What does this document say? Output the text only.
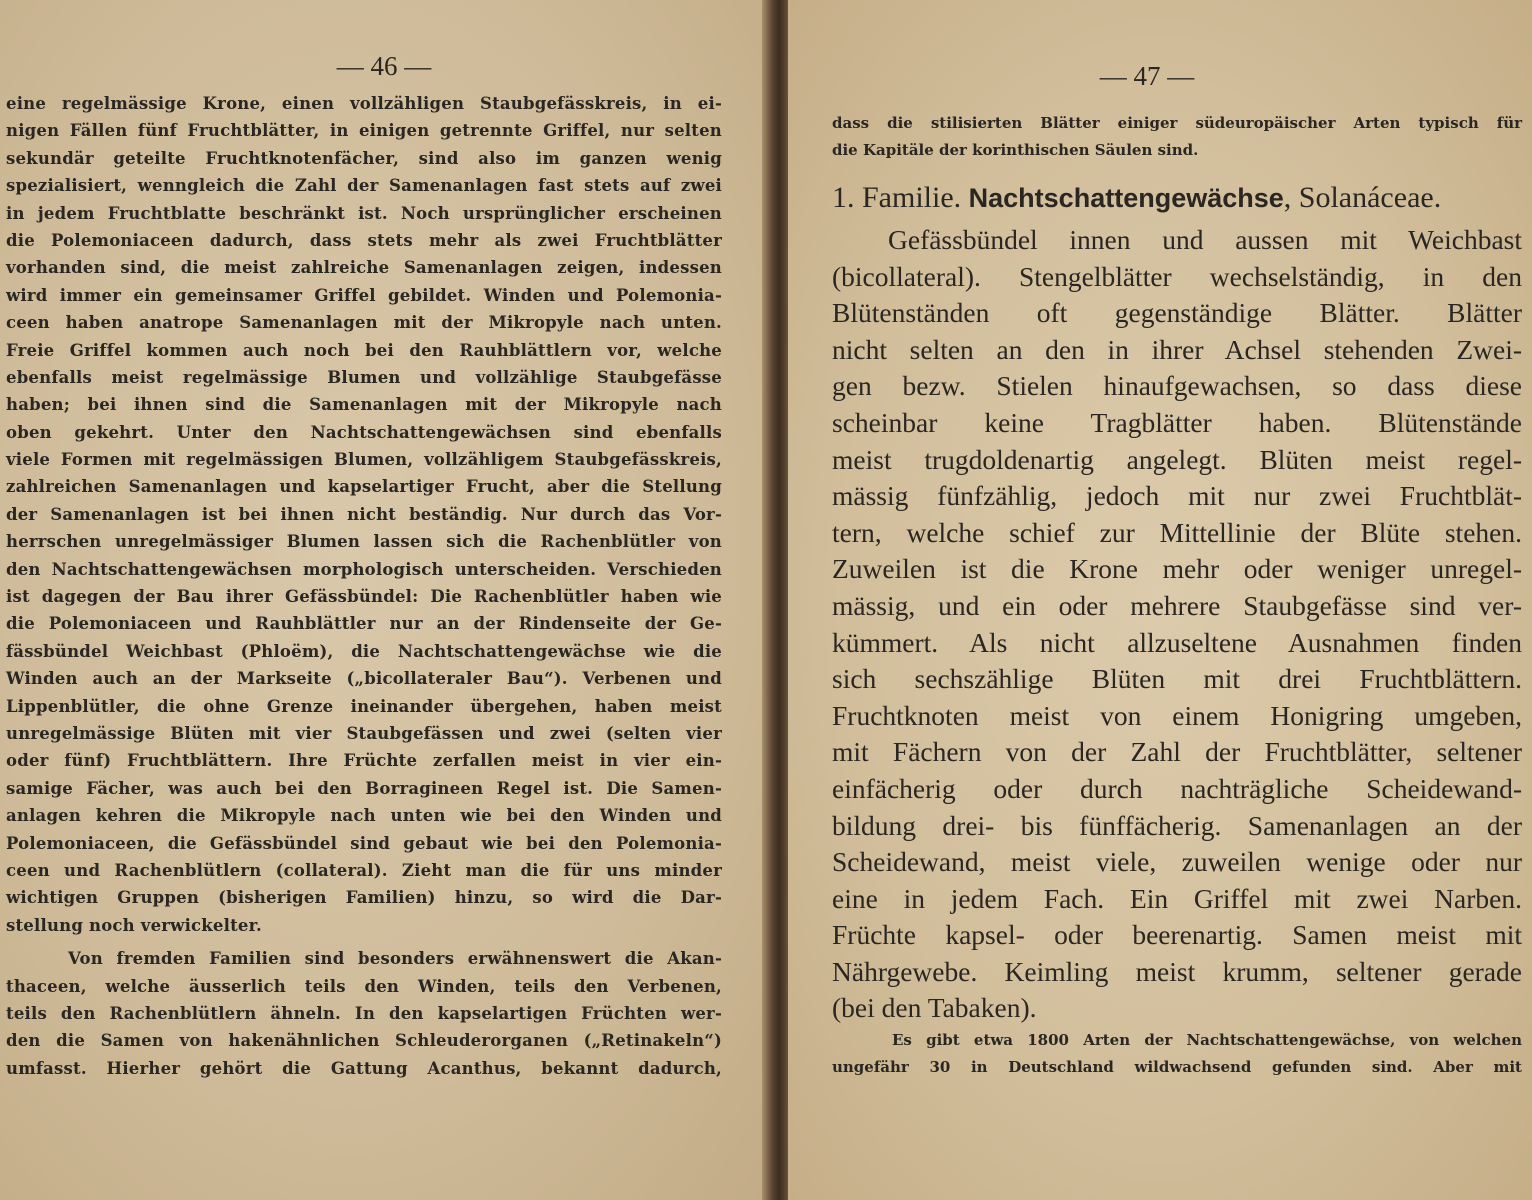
— 46 —
eine regelmässige Krone, einen vollzähligen Staubgefässkreis, in ei-
nigen Fällen fünf Fruchtblätter, in einigen getrennte Griffel, nur selten
sekundär geteilte Fruchtknotenfächer, sind also im ganzen wenig
spezialisiert, wenngleich die Zahl der Samenanlagen fast stets auf zwei
in jedem Fruchtblatte beschränkt ist. Noch ursprünglicher erscheinen
die Polemoniaceen dadurch, dass stets mehr als zwei Fruchtblätter
vorhanden sind, die meist zahlreiche Samenanlagen zeigen, indessen
wird immer ein gemeinsamer Griffel gebildet. Winden und Polemonia-
ceen haben anatrope Samenanlagen mit der Mikropyle nach unten.
Freie Griffel kommen auch noch bei den Rauhblättlern vor, welche
ebenfalls meist regelmässige Blumen und vollzählige Staubgefässe
haben; bei ihnen sind die Samenanlagen mit der Mikropyle nach
oben gekehrt. Unter den Nachtschattengewächsen sind ebenfalls
viele Formen mit regelmässigen Blumen, vollzähligem Staubgefässkreis,
zahlreichen Samenanlagen und kapselartiger Frucht, aber die Stellung
der Samenanlagen ist bei ihnen nicht beständig. Nur durch das Vor-
herrschen unregelmässiger Blumen lassen sich die Rachenblütler von
den Nachtschattengewächsen morphologisch unterscheiden. Verschieden
ist dagegen der Bau ihrer Gefässbündel: Die Rachenblütler haben wie
die Polemoniaceen und Rauhblättler nur an der Rindenseite der Ge-
fässbündel Weichbast (Phloëm), die Nachtschattengewächse wie die
Winden auch an der Markseite („bicollateraler Bau“). Verbenen und
Lippenblütler, die ohne Grenze ineinander übergehen, haben meist
unregelmässige Blüten mit vier Staubgefässen und zwei (selten vier
oder fünf) Fruchtblättern. Ihre Früchte zerfallen meist in vier ein-
samige Fächer, was auch bei den Borragineen Regel ist. Die Samen-
anlagen kehren die Mikropyle nach unten wie bei den Winden und
Polemoniaceen, die Gefässbündel sind gebaut wie bei den Polemonia-
ceen und Rachenblütlern (collateral). Zieht man die für uns minder
wichtigen Gruppen (bisherigen Familien) hinzu, so wird die Dar-
stellung noch verwickelter.
Von fremden Familien sind besonders erwähnenswert die Akan-
thaceen, welche äusserlich teils den Winden, teils den Verbenen,
teils den Rachenblütlern ähneln. In den kapselartigen Früchten wer-
den die Samen von hakenähnlichen Schleuderorganen („Retinakeln“)
umfasst. Hierher gehört die Gattung Acanthus, bekannt dadurch,
— 47 —
dass die stilisierten Blätter einiger südeuropäischer Arten typisch für
die Kapitäle der korinthischen Säulen sind.
1. Familie. Nachtschattengewächse, Solanáceae.
Gefässbündel innen und aussen mit Weichbast
(bicollateral). Stengelblätter wechselständig, in den
Blütenständen oft gegenständige Blätter. Blätter
nicht selten an den in ihrer Achsel stehenden Zwei-
gen bezw. Stielen hinaufgewachsen, so dass diese
scheinbar keine Tragblätter haben. Blütenstände
meist trugdoldenartig angelegt. Blüten meist regel-
mässig fünfzählig, jedoch mit nur zwei Fruchtblät-
tern, welche schief zur Mittellinie der Blüte stehen.
Zuweilen ist die Krone mehr oder weniger unregel-
mässig, und ein oder mehrere Staubgefässe sind ver-
kümmert. Als nicht allzuseltene Ausnahmen finden
sich sechszählige Blüten mit drei Fruchtblättern.
Fruchtknoten meist von einem Honigring umgeben,
mit Fächern von der Zahl der Fruchtblätter, seltener
einfächerig oder durch nachträgliche Scheidewand-
bildung drei- bis fünffächerig. Samenanlagen an der
Scheidewand, meist viele, zuweilen wenige oder nur
eine in jedem Fach. Ein Griffel mit zwei Narben.
Früchte kapsel- oder beerenartig. Samen meist mit
Nährgewebe. Keimling meist krumm, seltener gerade
(bei den Tabaken).
Es gibt etwa 1800 Arten der Nachtschattengewächse, von welchen
ungefähr 30 in Deutschland wildwachsend gefunden sind. Aber mit
